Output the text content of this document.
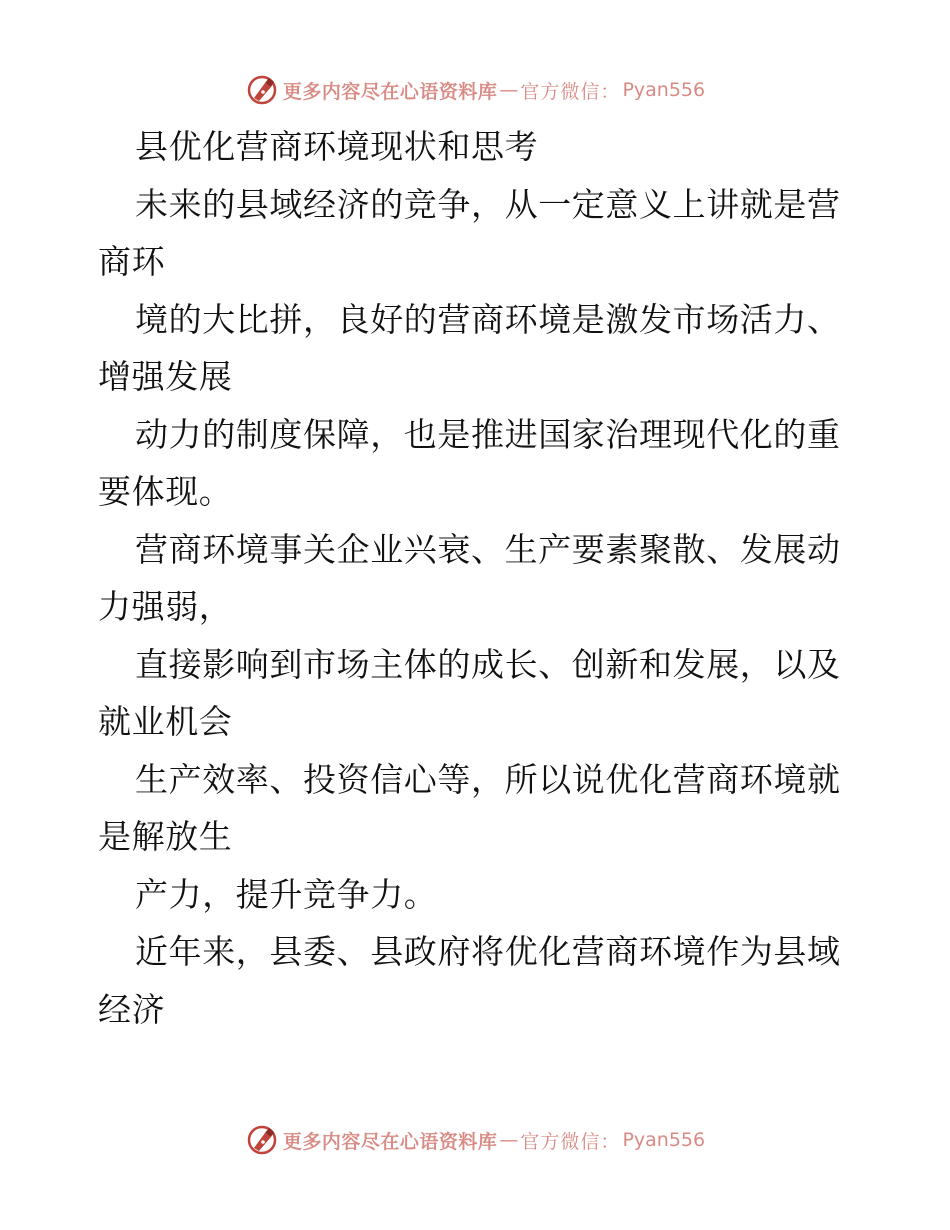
更多内容尽在心语资料库 — 官方微信： Pyan556
县优化营商环境现状和思考
未来的县域经济的竞争，从一定意义上讲就是营
商环
境的大比拼，良好的营商环境是激发市场活力、
增强发展
动力的制度保障，也是推进国家治理现代化的重
要体现。
营商环境事关企业兴衰、生产要素聚散、发展动
力强弱，
直接影响到市场主体的成长、创新和发展，以及
就业机会
生产效率、投资信心等，所以说优化营商环境就
是解放生
产力，提升竞争力。
近年来，县委、县政府将优化营商环境作为县域
经济
更多内容尽在心语资料库 — 官方微信： Pyan556
